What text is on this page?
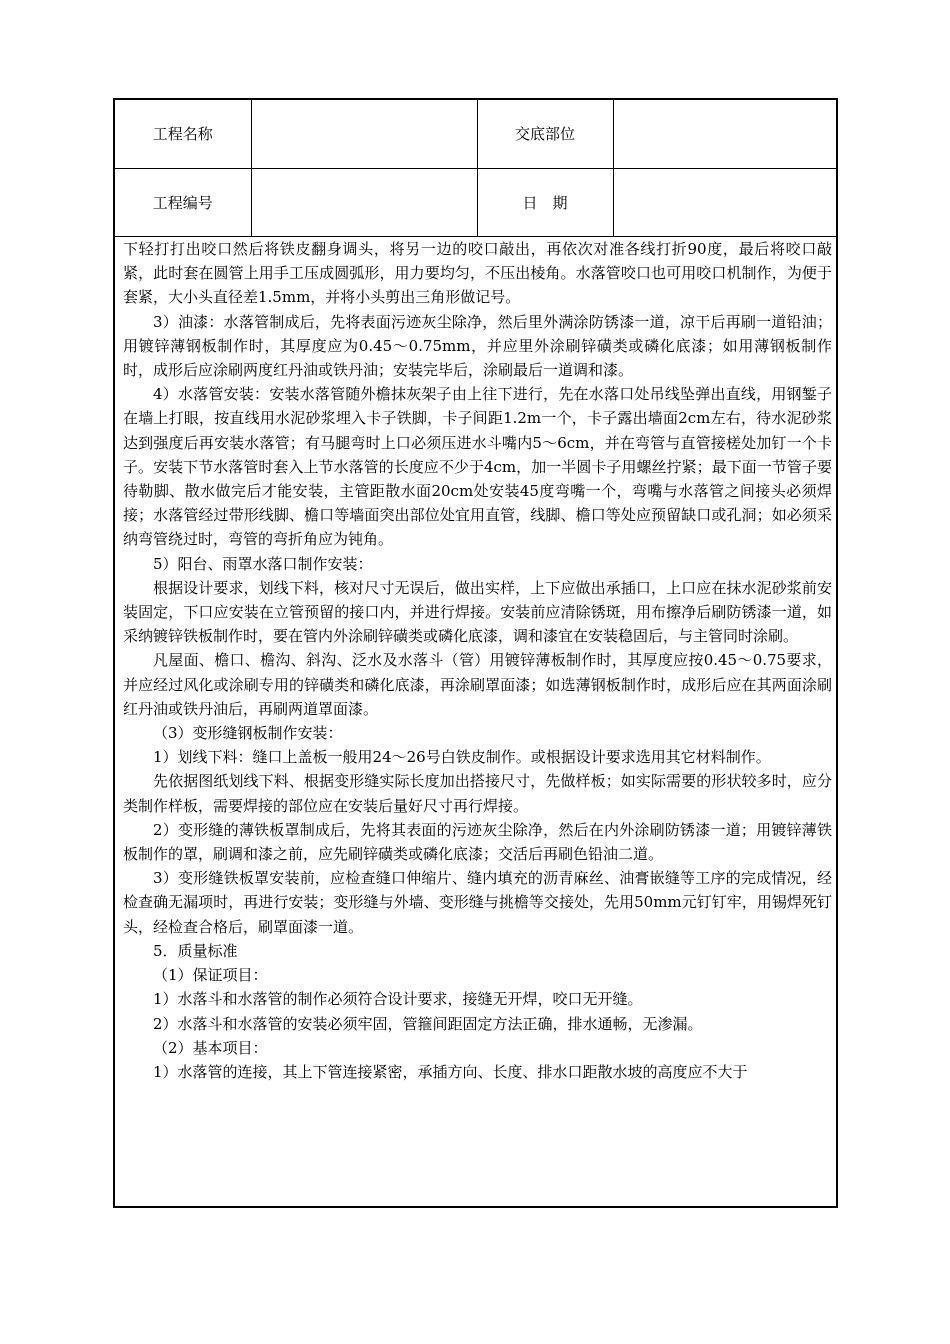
工程名称		交底部位	
工程编号		日　期	

下轻打打出咬口然后将铁皮翻身调头，将另一边的咬口敲出，再依次对准各线打折90度，最后将咬口敲紧，此时套在圆管上用手工压成圆弧形，用力要均匀，不压出棱角。水落管咬口也可用咬口机制作，为便于套紧，大小头直径差1.5mm，并将小头剪出三角形做记号。

3）油漆：水落管制成后，先将表面污迹灰尘除净，然后里外满涂防锈漆一道，凉干后再刷一道铅油；用镀锌薄钢板制作时，其厚度应为0.45～0.75mm，并应里外涂刷锌磺类或磷化底漆；如用薄钢板制作时，成形后应涂刷两度红丹油或铁丹油；安装完毕后，涂刷最后一道调和漆。

4）水落管安装：安装水落管随外檐抹灰架子由上往下进行，先在水落口处吊线坠弹出直线，用钢錾子在墙上打眼，按直线用水泥砂浆埋入卡子铁脚，卡子间距1.2m一个，卡子露出墙面2cm左右，待水泥砂浆达到强度后再安装水落管；有马腿弯时上口必须压进水斗嘴内5～6cm，并在弯管与直管接槎处加钉一个卡子。安装下节水落管时套入上节水落管的长度应不少于4cm，加一半圆卡子用螺丝拧紧；最下面一节管子要待勒脚、散水做完后才能安装，主管距散水面20cm处安装45度弯嘴一个，弯嘴与水落管之间接头必须焊接；水落管经过带形线脚、檐口等墙面突出部位处宜用直管，线脚、檐口等处应预留缺口或孔洞；如必须采纳弯管绕过时，弯管的弯折角应为钝角。

5）阳台、雨罩水落口制作安装：

根据设计要求，划线下料，核对尺寸无误后，做出实样，上下应做出承插口，上口应在抹水泥砂浆前安装固定，下口应安装在立管预留的接口内，并进行焊接。安装前应清除锈斑，用布擦净后刷防锈漆一道，如采纳镀锌铁板制作时，要在管内外涂刷锌磺类或磷化底漆，调和漆宜在安装稳固后，与主管同时涂刷。

凡屋面、檐口、檐沟、斜沟、泛水及水落斗（管）用镀锌薄板制作时，其厚度应按0.45～0.75要求，并应经过风化或涂刷专用的锌磺类和磷化底漆，再涂刷罩面漆；如选薄钢板制作时，成形后应在其两面涂刷红丹油或铁丹油后，再刷两道罩面漆。

（3）变形缝钢板制作安装：

1）划线下料：缝口上盖板一般用24～26号白铁皮制作。或根据设计要求选用其它材料制作。

先依据图纸划线下料、根据变形缝实际长度加出搭接尺寸，先做样板；如实际需要的形状较多时，应分类制作样板，需要焊接的部位应在安装后量好尺寸再行焊接。

2）变形缝的薄铁板罩制成后，先将其表面的污迹灰尘除净，然后在内外涂刷防锈漆一道；用镀锌薄铁板制作的罩，刷调和漆之前，应先刷锌磺类或磷化底漆；交活后再刷色铅油二道。

3）变形缝铁板罩安装前，应检查缝口伸缩片、缝内填充的沥青麻丝、油膏嵌缝等工序的完成情况，经检查确无漏项时，再进行安装；变形缝与外墙、变形缝与挑檐等交接处，先用50mm元钉钉牢，用锡焊死钉头，经检查合格后，刷罩面漆一道。

5．质量标准

（1）保证项目：

1）水落斗和水落管的制作必须符合设计要求，接缝无开焊，咬口无开缝。

2）水落斗和水落管的安装必须牢固，管箍间距固定方法正确，排水通畅，无渗漏。

（2）基本项目：

1）水落管的连接，其上下管连接紧密，承插方向、长度、排水口距散水坡的高度应不大于
